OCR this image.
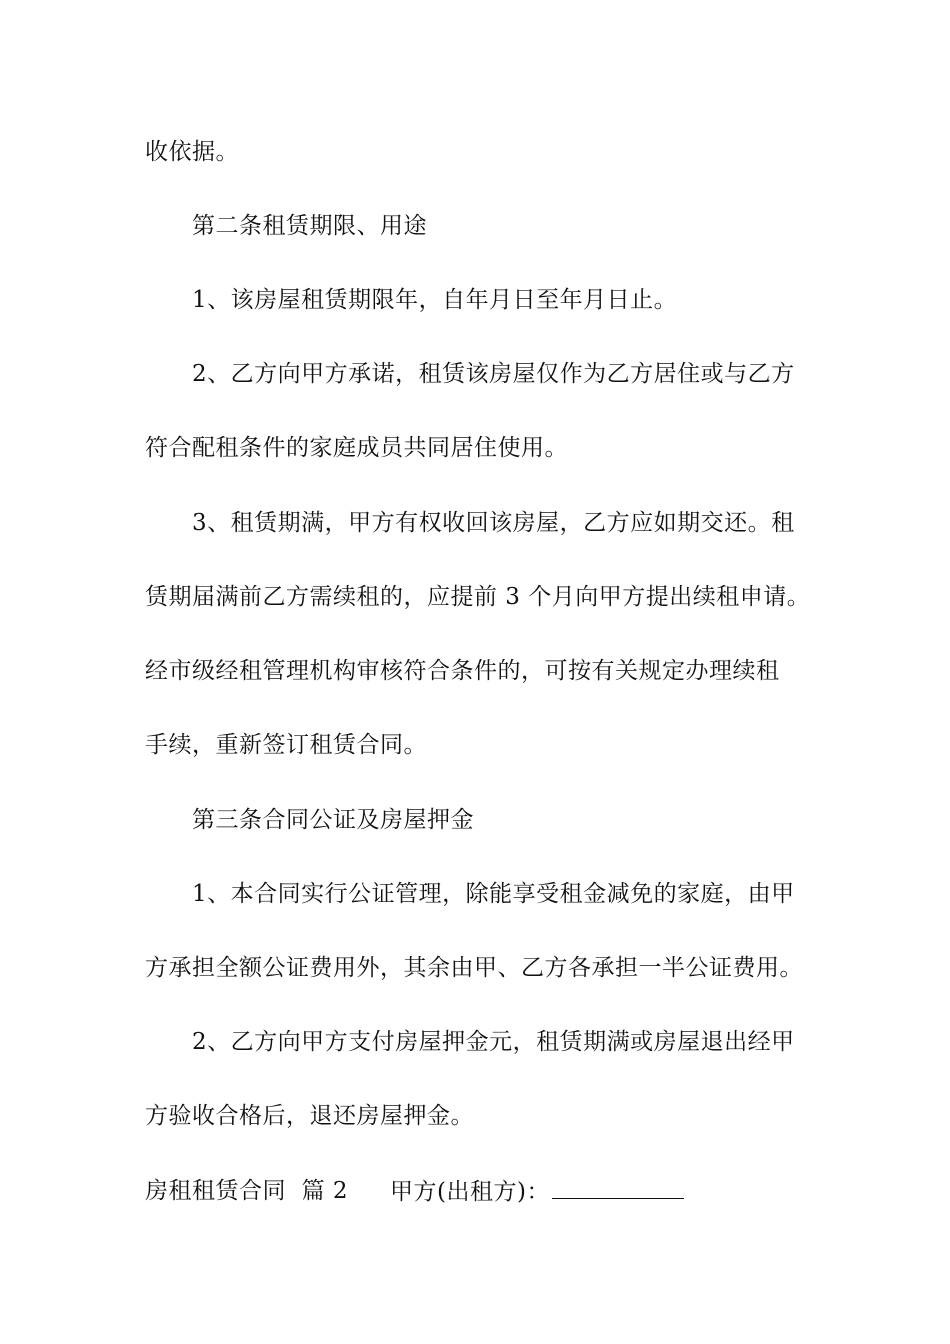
收依据。
第二条租赁期限、用途
1、该房屋租赁期限年，自年月日至年月日止。
2、乙方向甲方承诺，租赁该房屋仅作为乙方居住或与乙方
符合配租条件的家庭成员共同居住使用。
3、租赁期满，甲方有权收回该房屋，乙方应如期交还。租
赁期届满前乙方需续租的，应提前 3 个月向甲方提出续租申请。
经市级经租管理机构审核符合条件的，可按有关规定办理续租
手续，重新签订租赁合同。
第三条合同公证及房屋押金
1、本合同实行公证管理，除能享受租金减免的家庭，由甲
方承担全额公证费用外，其余由甲、乙方各承担一半公证费用。
2、乙方向甲方支付房屋押金元，租赁期满或房屋退出经甲
方验收合格后，退还房屋押金。
房租租赁合同  篇 2 甲方(出租方)：
